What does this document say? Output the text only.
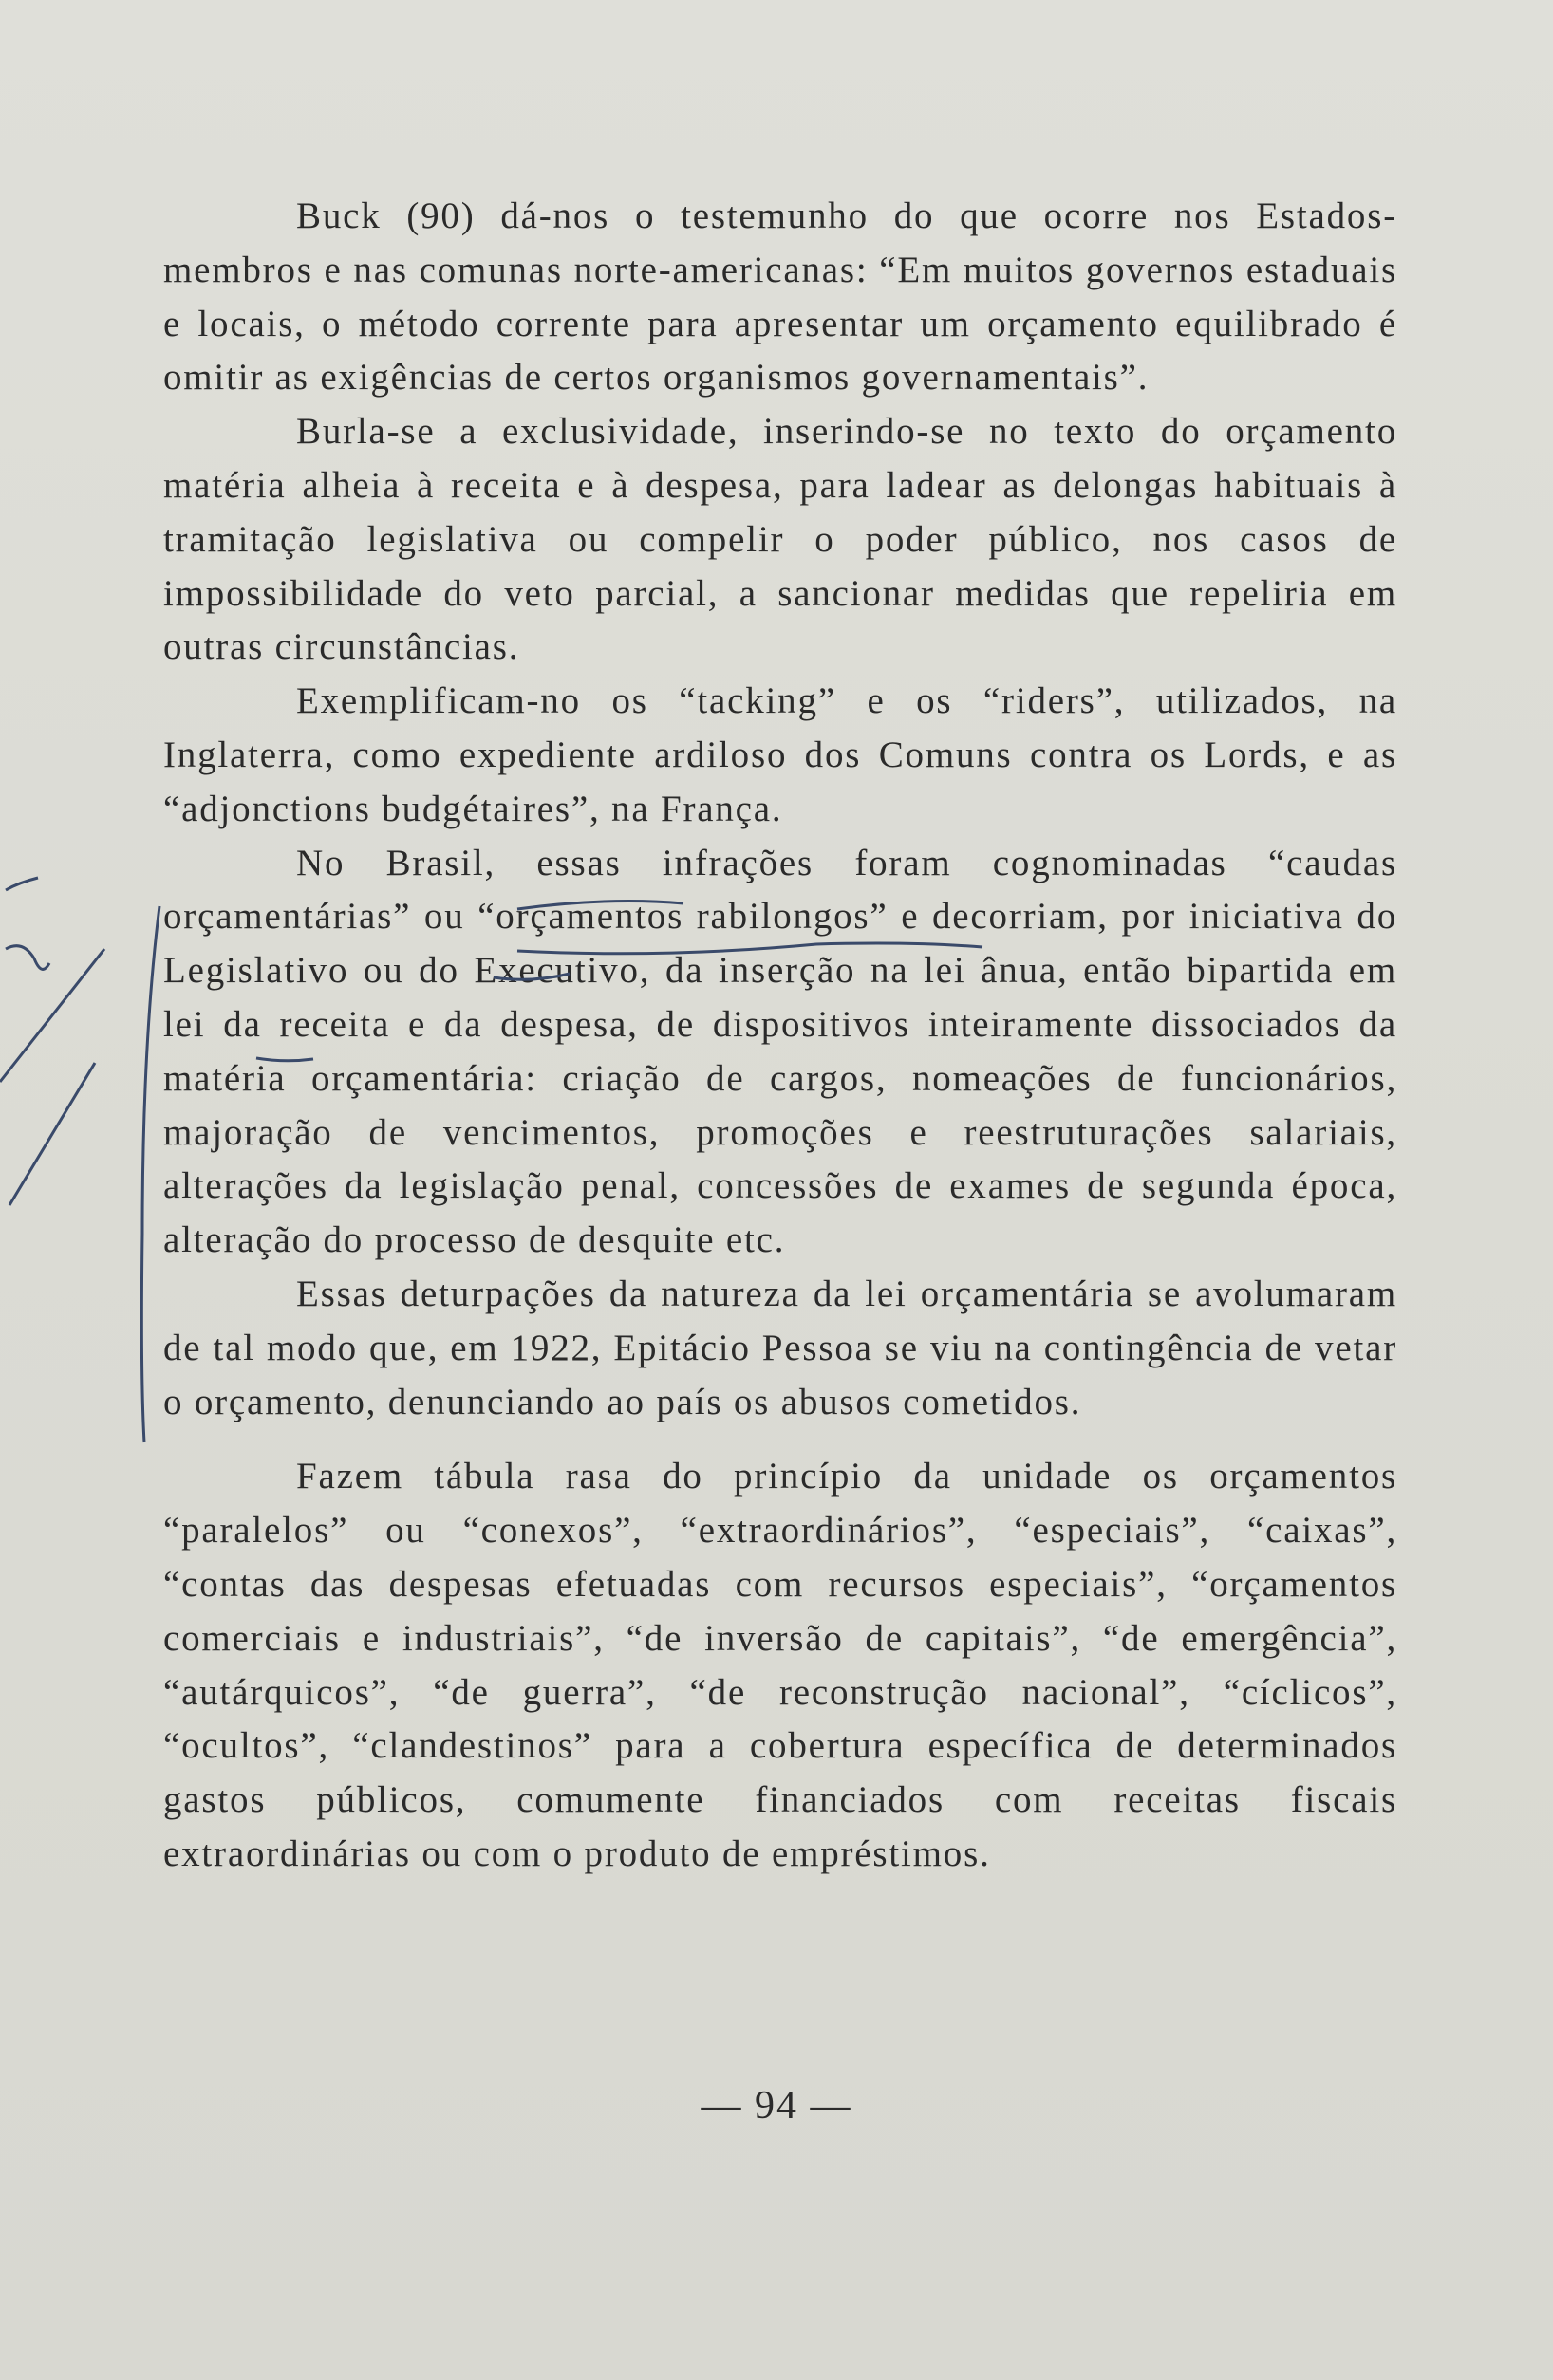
Buck (90) dá-nos o testemunho do que ocorre nos Estados-membros e nas comunas norte-americanas: “Em muitos governos estaduais e locais, o método corrente para apresentar um orçamento equilibrado é omitir as exigências de certos organismos governamentais”.

Burla-se a exclusividade, inserindo-se no texto do orçamento matéria alheia à receita e à despesa, para ladear as delongas habituais à tramitação legislativa ou compelir o poder público, nos casos de impossibilidade do veto parcial, a sancionar medidas que repeliria em outras circunstâncias.

Exemplificam-no os “tacking” e os “riders”, utilizados, na Inglaterra, como expediente ardiloso dos Comuns contra os Lords, e as “adjonctions budgétaires”, na França.

No Brasil, essas infrações foram cognominadas “caudas orçamentárias” ou “orçamentos rabilongos” e decorriam, por iniciativa do Legislativo ou do Executivo, da inserção na lei ânua, então bipartida em lei da receita e da despesa, de dispositivos inteiramente dissociados da matéria orçamentária: criação de cargos, nomeações de funcionários, majoração de vencimentos, promoções e reestruturações salariais, alterações da legislação penal, concessões de exames de segunda época, alteração do processo de desquite etc.

Essas deturpações da natureza da lei orçamentária se avolumaram de tal modo que, em 1922, Epitácio Pessoa se viu na contingência de vetar o orçamento, denunciando ao país os abusos cometidos.

Fazem tábula rasa do princípio da unidade os orçamentos “paralelos” ou “conexos”, “extraordinários”, “especiais”, “caixas”, “contas das despesas efetuadas com recursos especiais”, “orçamentos comerciais e industriais”, “de inversão de capitais”, “de emergência”, “autárquicos”, “de guerra”, “de reconstrução nacional”, “cíclicos”, “ocultos”, “clandestinos” para a cobertura específica de determinados gastos públicos, comumente financiados com receitas fiscais extraordinárias ou com o produto de empréstimos.

— 94 —
